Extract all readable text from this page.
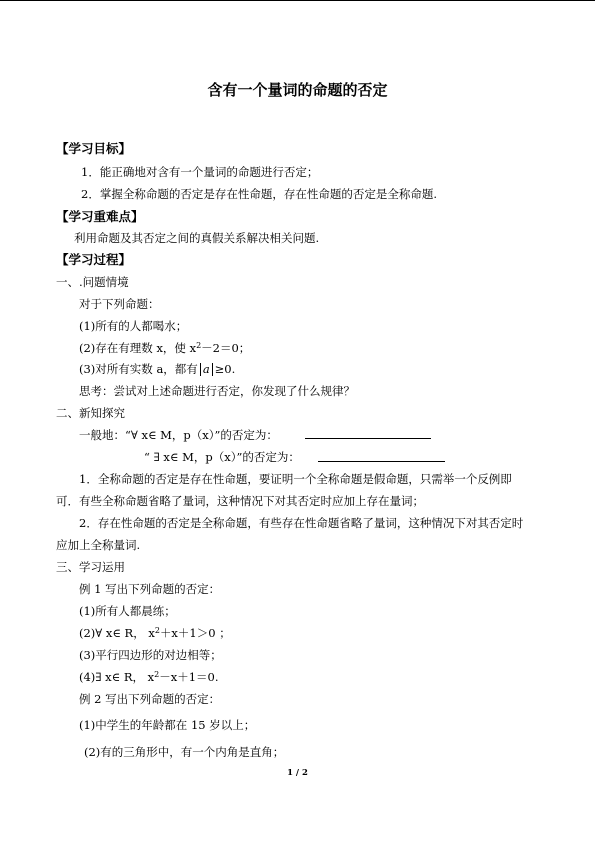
含有一个量词的命题的否定
【学习目标】
1．能正确地对含有一个量词的命题进行否定；
2．掌握全称命题的否定是存在性命题，存在性命题的否定是全称命题.
【学习重难点】
利用命题及其否定之间的真假关系解决相关问题.
【学习过程】
一、.问题情境
对于下列命题：
(1)所有的人都喝水；
(2)存在有理数 x，使 $x^2-2=0$；
(3)对所有实数 a，都有 a ≥0.
思考：尝试对上述命题进行否定，你发现了什么规律？
二、新知探究
一般地：“∀ x∈ M，p（x）”的否定为：
“ ∃ x∈ M，p（x）”的否定为：
1．全称命题的否定是存在性命题，要证明一个全称命题是假命题，只需举一个反例即
可．有些全称命题省略了量词，这种情况下对其否定时应加上存在量词；
2．存在性命题的否定是全称命题，有些存在性命题省略了量词，这种情况下对其否定时
应加上全称量词.
三、学习运用
例 1 写出下列命题的否定：
(1)所有人都晨练；
(2)∀ x∈ R， $x^2+x+1>0$ ；
(3)平行四边形的对边相等；
(4)∃ x∈ R， $x^2-x+1=0$.
例 2 写出下列命题的否定：
(1)中学生的年龄都在 15 岁以上；
(2)有的三角形中，有一个内角是直角；
1 / 2
